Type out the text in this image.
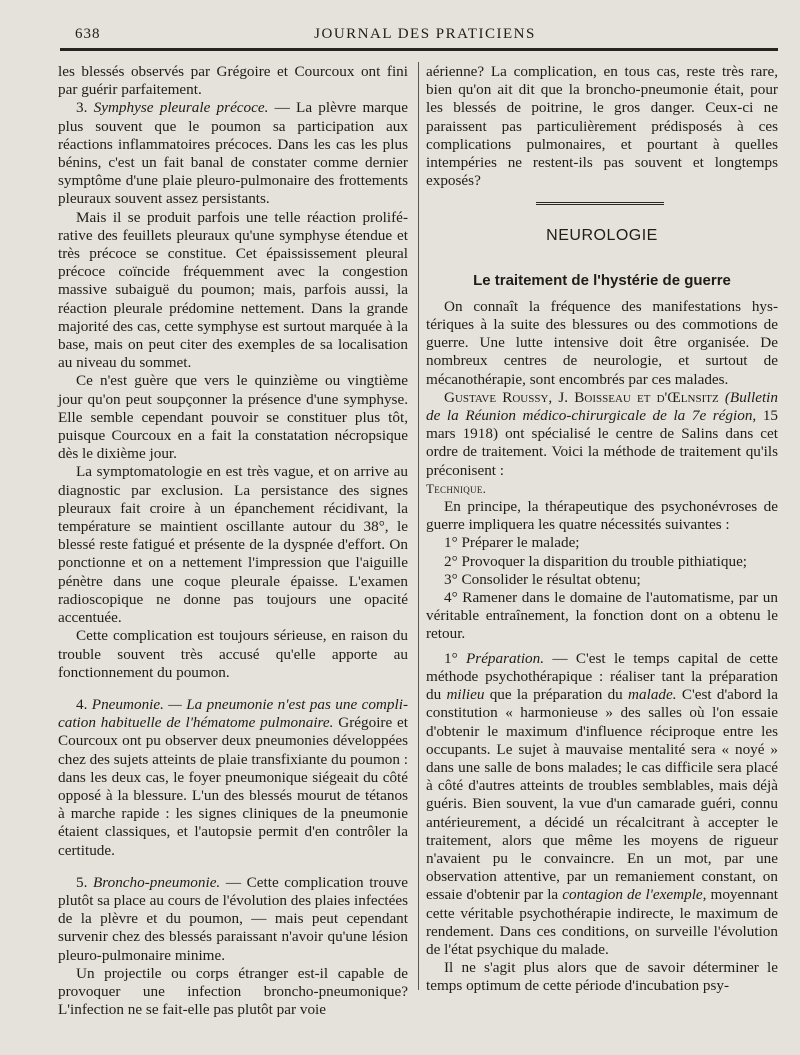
638	JOURNAL DES PRATICIENS

les blessés observés par Grégoire et Courcoux ont fini par guérir parfaitement.

3. Symphyse pleurale précoce. — La plèvre marque plus souvent que le poumon sa participation aux réactions inflammatoires précoces. Dans les cas les plus bénins, c'est un fait banal de constater comme dernier symptôme d'une plaie pleuro-pulmonaire des frottements pleuraux souvent assez persistants.

Mais il se produit parfois une telle réaction proliférative des feuillets pleuraux qu'une symphyse étendue et très précoce se constitue. Cet épaississement pleural précoce coïncide fréquemment avec la congestion massive subaiguë du poumon; mais, parfois aussi, la réaction pleurale prédomine nettement. Dans la grande majorité des cas, cette symphyse est surtout marquée à la base, mais on peut citer des exemples de sa localisation au niveau du sommet.

Ce n'est guère que vers le quinzième ou vingtième jour qu'on peut soupçonner la présence d'une symphyse. Elle semble cependant pouvoir se constituer plus tôt, puisque Courcoux en a fait la constatation nécropsique dès le dixième jour.

La symptomatologie en est très vague, et on arrive au diagnostic par exclusion. La persistance des signes pleuraux fait croire à un épanchement récidivant, la température se maintient oscillante autour du 38°, le blessé reste fatigué et présente de la dyspnée d'effort. On ponctionne et on a nettement l'impression que l'aiguille pénètre dans une coque pleurale épaisse. L'examen radioscopique ne donne pas toujours une opacité accentuée.

Cette complication est toujours sérieuse, en raison du trouble souvent très accusé qu'elle apporte au fonctionnement du poumon.

4. Pneumonie. — La pneumonie n'est pas une complication habituelle de l'hématome pulmonaire. Grégoire et Courcoux ont pu observer deux pneumonies développées chez des sujets atteints de plaie transfixiante du poumon : dans les deux cas, le foyer pneumonique siégeait du côté opposé à la blessure. L'un des blessés mourut de tétanos à marche rapide : les signes cliniques de la pneumonie étaient classiques, et l'autopsie permit d'en contrôler la certitude.

5. Broncho-pneumonie. — Cette complication trouve plutôt sa place au cours de l'évolution des plaies infectées de la plèvre et du poumon, — mais peut cependant survenir chez des blessés paraissant n'avoir qu'une lésion pleuro-pulmonaire minime.

Un projectile ou corps étranger est-il capable de provoquer une infection broncho-pneumonique? L'infection ne se fait-elle pas plutôt par voie

aérienne? La complication, en tous cas, reste très rare, bien qu'on ait dit que la broncho-pneumonie était, pour les blessés de poitrine, le gros danger. Ceux-ci ne paraissent pas particulièrement prédisposés à ces complications pulmonaires, et pourtant à quelles intempéries ne restent-ils pas souvent et longtemps exposés?

NEUROLOGIE
Le traitement de l'hystérie de guerre

On connaît la fréquence des manifestations hystériques à la suite des blessures ou des commotions de guerre. Une lutte intensive doit être organisée. De nombreux centres de neurologie, et surtout de mécanothérapie, sont encombrés par ces malades.

Gustave Roussy, J. Boisseau et d'Œlnsitz (Bulletin de la Réunion médico-chirurgicale de la 7e région, 15 mars 1918) ont spécialisé le centre de Salins dans cet ordre de traitement. Voici la méthode de traitement qu'ils préconisent :

Technique.

En principe, la thérapeutique des psychonévroses de guerre impliquera les quatre nécessités suivantes :

1° Préparer le malade;

2° Provoquer la disparition du trouble pithiatique;

3° Consolider le résultat obtenu;

4° Ramener dans le domaine de l'automatisme, par un véritable entraînement, la fonction dont on a obtenu le retour.

1° Préparation. — C'est le temps capital de cette méthode psychothérapique : réaliser tant la préparation du milieu que la préparation du malade. C'est d'abord la constitution « harmonieuse » des salles où l'on essaie d'obtenir le maximum d'influence réciproque entre les occupants. Le sujet à mauvaise mentalité sera « noyé » dans une salle de bons malades; le cas difficile sera placé à côté d'autres atteints de troubles semblables, mais déjà guéris. Bien souvent, la vue d'un camarade guéri, connu antérieurement, a décidé un récalcitrant à accepter le traitement, alors que même les moyens de rigueur n'avaient pu le convaincre. En un mot, par une observation attentive, par un remaniement constant, on essaie d'obtenir par la contagion de l'exemple, moyennant cette véritable psychothérapie indirecte, le maximum de rendement. Dans ces conditions, on surveille l'évolution de l'état psychique du malade.

Il ne s'agit plus alors que de savoir déterminer le temps optimum de cette période d'incubation psy-
